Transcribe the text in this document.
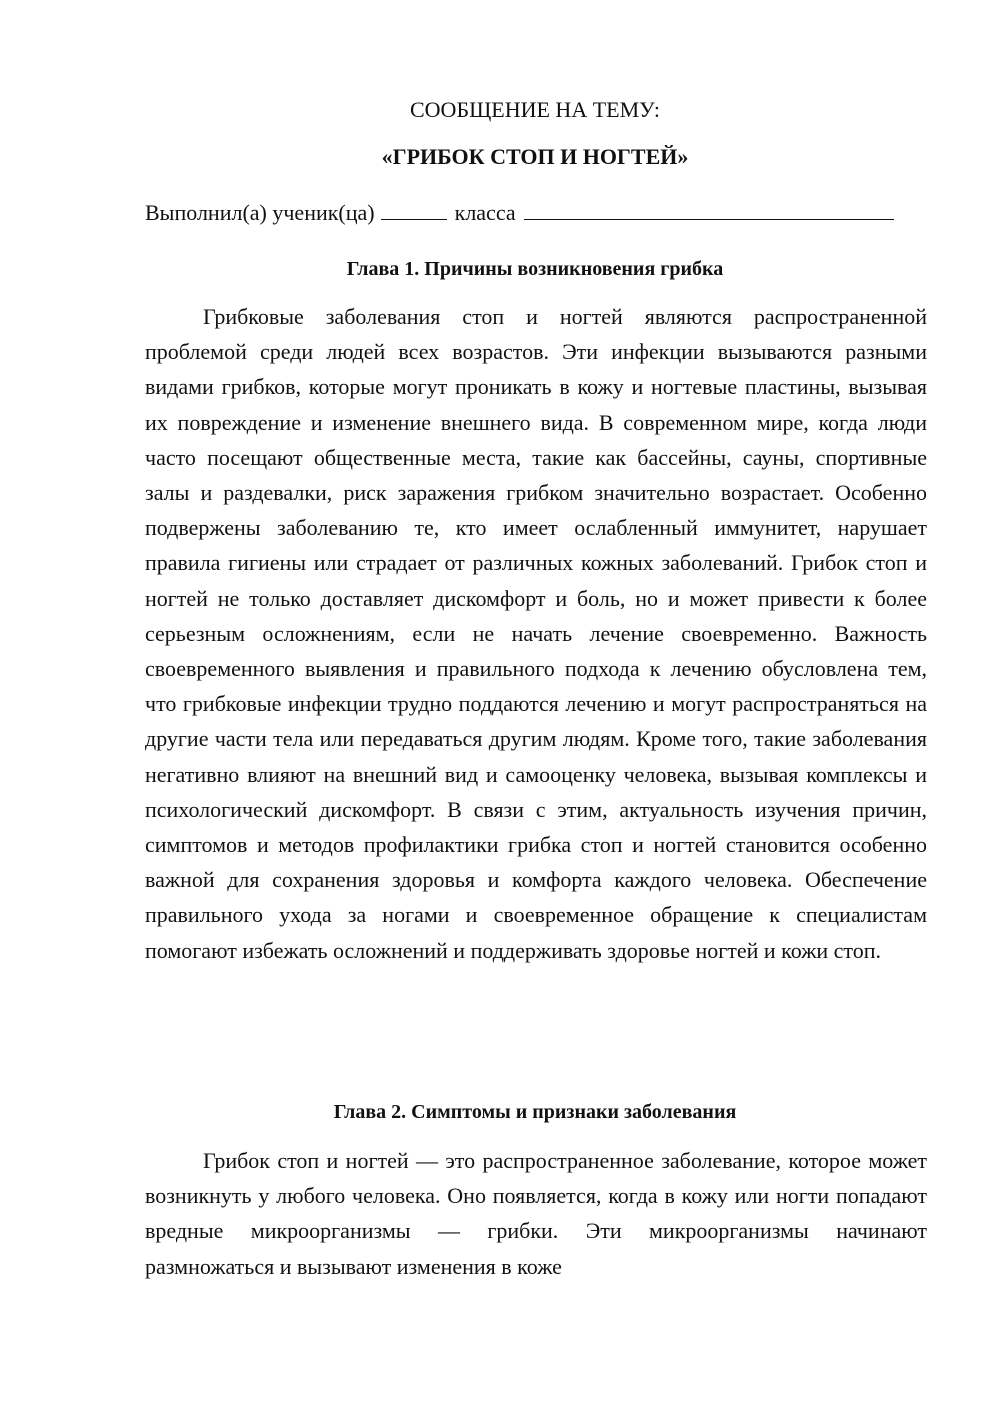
СООБЩЕНИЕ НА ТЕМУ:

«ГРИБОК СТОП И НОГТЕЙ»

Выполнил(а) ученик(ца)	класса

Глава 1. Причины возникновения грибка

Грибковые заболевания стоп и ногтей являются распространенной проблемой среди людей всех возрастов. Эти инфекции вызываются разными видами грибков, которые могут проникать в кожу и ногтевые пластины, вызывая их повреждение и изменение внешнего вида. В современном мире, когда люди часто посещают общественные места, такие как бассейны, сауны, спортивные залы и раздевалки, риск заражения грибком значительно возрастает. Особенно подвержены заболеванию те, кто имеет ослабленный иммунитет, нарушает правила гигиены или страдает от различных кожных заболеваний. Грибок стоп и ногтей не только доставляет дискомфорт и боль, но и может привести к более серьезным осложнениям, если не начать лечение своевременно. Важность своевременного выявления и правильного подхода к лечению обусловлена тем, что грибковые инфекции трудно поддаются лечению и могут распространяться на другие части тела или передаваться другим людям. Кроме того, такие заболевания негативно влияют на внешний вид и самооценку человека, вызывая комплексы и психологический дискомфорт. В связи с этим, актуальность изучения причин, симптомов и методов профилактики грибка стоп и ногтей становится особенно важной для сохранения здоровья и комфорта каждого человека. Обеспечение правильного ухода за ногами и своевременное обращение к специалистам помогают избежать осложнений и поддерживать здоровье ногтей и кожи стоп.

Глава 2. Симптомы и признаки заболевания

Грибок стоп и ногтей — это распространенное заболевание, которое может возникнуть у любого человека. Оно появляется, когда в кожу или ногти попадают вредные микроорганизмы — грибки. Эти микроорганизмы начинают размножаться и вызывают изменения в коже
